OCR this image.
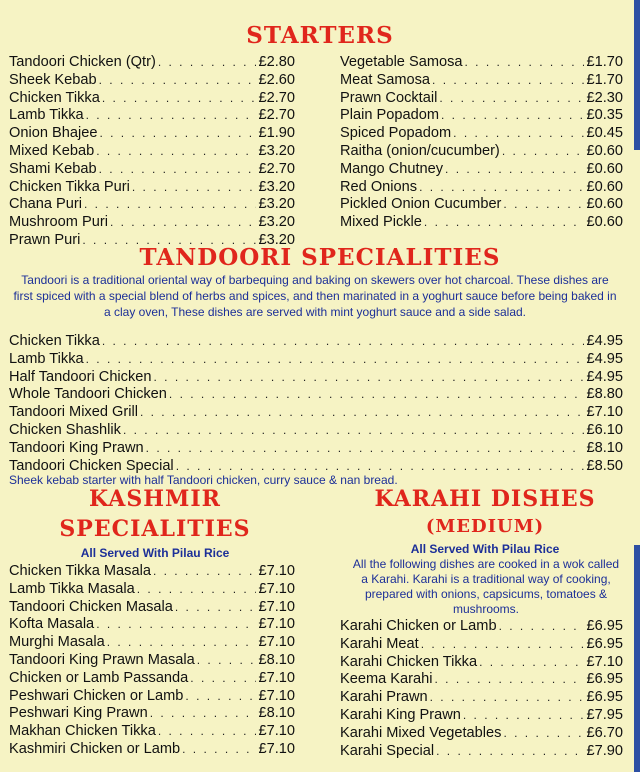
STARTERS
Tandoori Chicken (Qtr) . . .	£2.80
Sheek Kebab . . .	£2.60
Chicken Tikka . . .	£2.70
Lamb Tikka . . .	£2.70
Onion Bhajee . . .	£1.90
Mixed Kebab . . .	£3.20
Shami Kebab . . .	£2.70
Chicken Tikka Puri . . .	£3.20
Chana Puri . . .	£3.20
Mushroom Puri . . .	£3.20
Prawn Puri . . .	£3.20
Vegetable Samosa . . .	£1.70
Meat Samosa . . .	£1.70
Prawn Cocktail . . .	£2.30
Plain Popadom . . .	£0.35
Spiced Popadom . . .	£0.45
Raitha (onion/cucumber) . . .	£0.60
Mango Chutney . . .	£0.60
Red Onions . . .	£0.60
Pickled Onion Cucumber . . .	£0.60
Mixed Pickle . . .	£0.60
TANDOORI SPECIALITIES
Tandoori is a traditional oriental way of barbequing and baking on skewers over hot charcoal. These dishes are first spiced with a special blend of herbs and spices, and then marinated in a yoghurt sauce before being baked in a clay oven, These dishes are served with mint yoghurt sauce and a side salad.
Chicken Tikka . . .	£4.95
Lamb Tikka . . .	£4.95
Half Tandoori Chicken . . .	£4.95
Whole Tandoori Chicken . . .	£8.80
Tandoori Mixed Grill . . .	£7.10
Chicken Shashlik . . .	£6.10
Tandoori King Prawn . . .	£8.10
Tandoori Chicken Special . . .	£8.50
Sheek kebab starter with half Tandoori chicken, curry sauce & nan bread.
KASHMIR
SPECIALITIES
All Served With Pilau Rice
Chicken Tikka Masala . . .	£7.10
Lamb Tikka Masala . . .	£7.10
Tandoori Chicken Masala . . .	£7.10
Kofta Masala . . .	£7.10
Murghi Masala . . .	£7.10
Tandoori King Prawn Masala . . .	£8.10
Chicken or Lamb Passanda . . .	£7.10
Peshwari Chicken or Lamb . . .	£7.10
Peshwari King Prawn . . .	£8.10
Makhan Chicken Tikka . . .	£7.10
Kashmiri Chicken or Lamb . . .	£7.10
KARAHI DISHES
(MEDIUM)
All Served With Pilau Rice
All the following dishes are cooked in a wok called a Karahi. Karahi is a traditional way of cooking, prepared with onions, capsicums, tomatoes & mushrooms.
Karahi Chicken or Lamb . . .	£6.95
Karahi Meat . . .	£6.95
Karahi Chicken Tikka . . .	£7.10
Keema Karahi . . .	£6.95
Karahi Prawn . . .	£6.95
Karahi King Prawn . . .	£7.95
Karahi Mixed Vegetables . . .	£6.70
Karahi Special . . .	£7.90
